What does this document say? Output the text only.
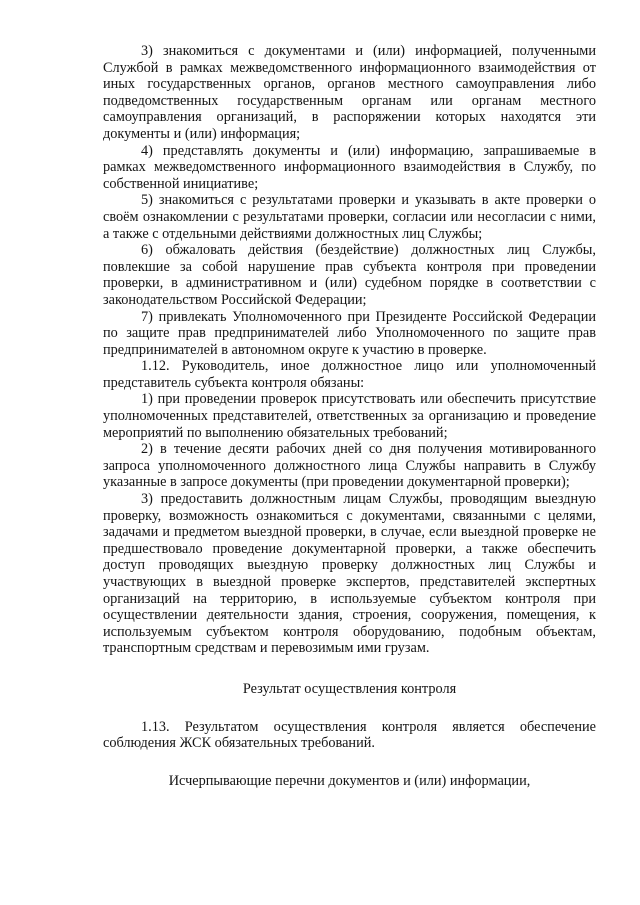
3) знакомиться с документами и (или) информацией, полученными Службой в рамках межведомственного информационного взаимодействия от иных государственных органов, органов местного самоуправления либо подведомственных государственным органам или органам местного самоуправления организаций, в распоряжении которых находятся эти документы и (или) информация;

4) представлять документы и (или) информацию, запрашиваемые в рамках межведомственного информационного взаимодействия в Службу, по собственной инициативе;

5) знакомиться с результатами проверки и указывать в акте проверки о своём ознакомлении с результатами проверки, согласии или несогласии с ними, а также с отдельными действиями должностных лиц Службы;

6) обжаловать действия (бездействие) должностных лиц Службы, повлекшие за собой нарушение прав субъекта контроля при проведении проверки, в административном и (или) судебном порядке в соответствии с законодательством Российской Федерации;

7) привлекать Уполномоченного при Президенте Российской Федерации по защите прав предпринимателей либо Уполномоченного по защите прав предпринимателей в автономном округе к участию в проверке.

1.12. Руководитель, иное должностное лицо или уполномоченный представитель субъекта контроля обязаны:

1) при проведении проверок присутствовать или обеспечить присутствие уполномоченных представителей, ответственных за организацию и проведение мероприятий по выполнению обязательных требований;

2) в течение десяти рабочих дней со дня получения мотивированного запроса уполномоченного должностного лица Службы направить в Службу указанные в запросе документы (при проведении документарной проверки);

3) предоставить должностным лицам Службы, проводящим выездную проверку, возможность ознакомиться с документами, связанными с целями, задачами и предметом выездной проверки, в случае, если выездной проверке не предшествовало проведение документарной проверки, а также обеспечить доступ проводящих выездную проверку должностных лиц Службы и участвующих в выездной проверке экспертов, представителей экспертных организаций на территорию, в используемые субъектом контроля при осуществлении деятельности здания, строения, сооружения, помещения, к используемым субъектом контроля оборудованию, подобным объектам, транспортным средствам и перевозимым ими грузам.

Результат осуществления контроля

1.13. Результатом осуществления контроля является обеспечение соблюдения ЖСК обязательных требований.

Исчерпывающие перечни документов и (или) информации,
